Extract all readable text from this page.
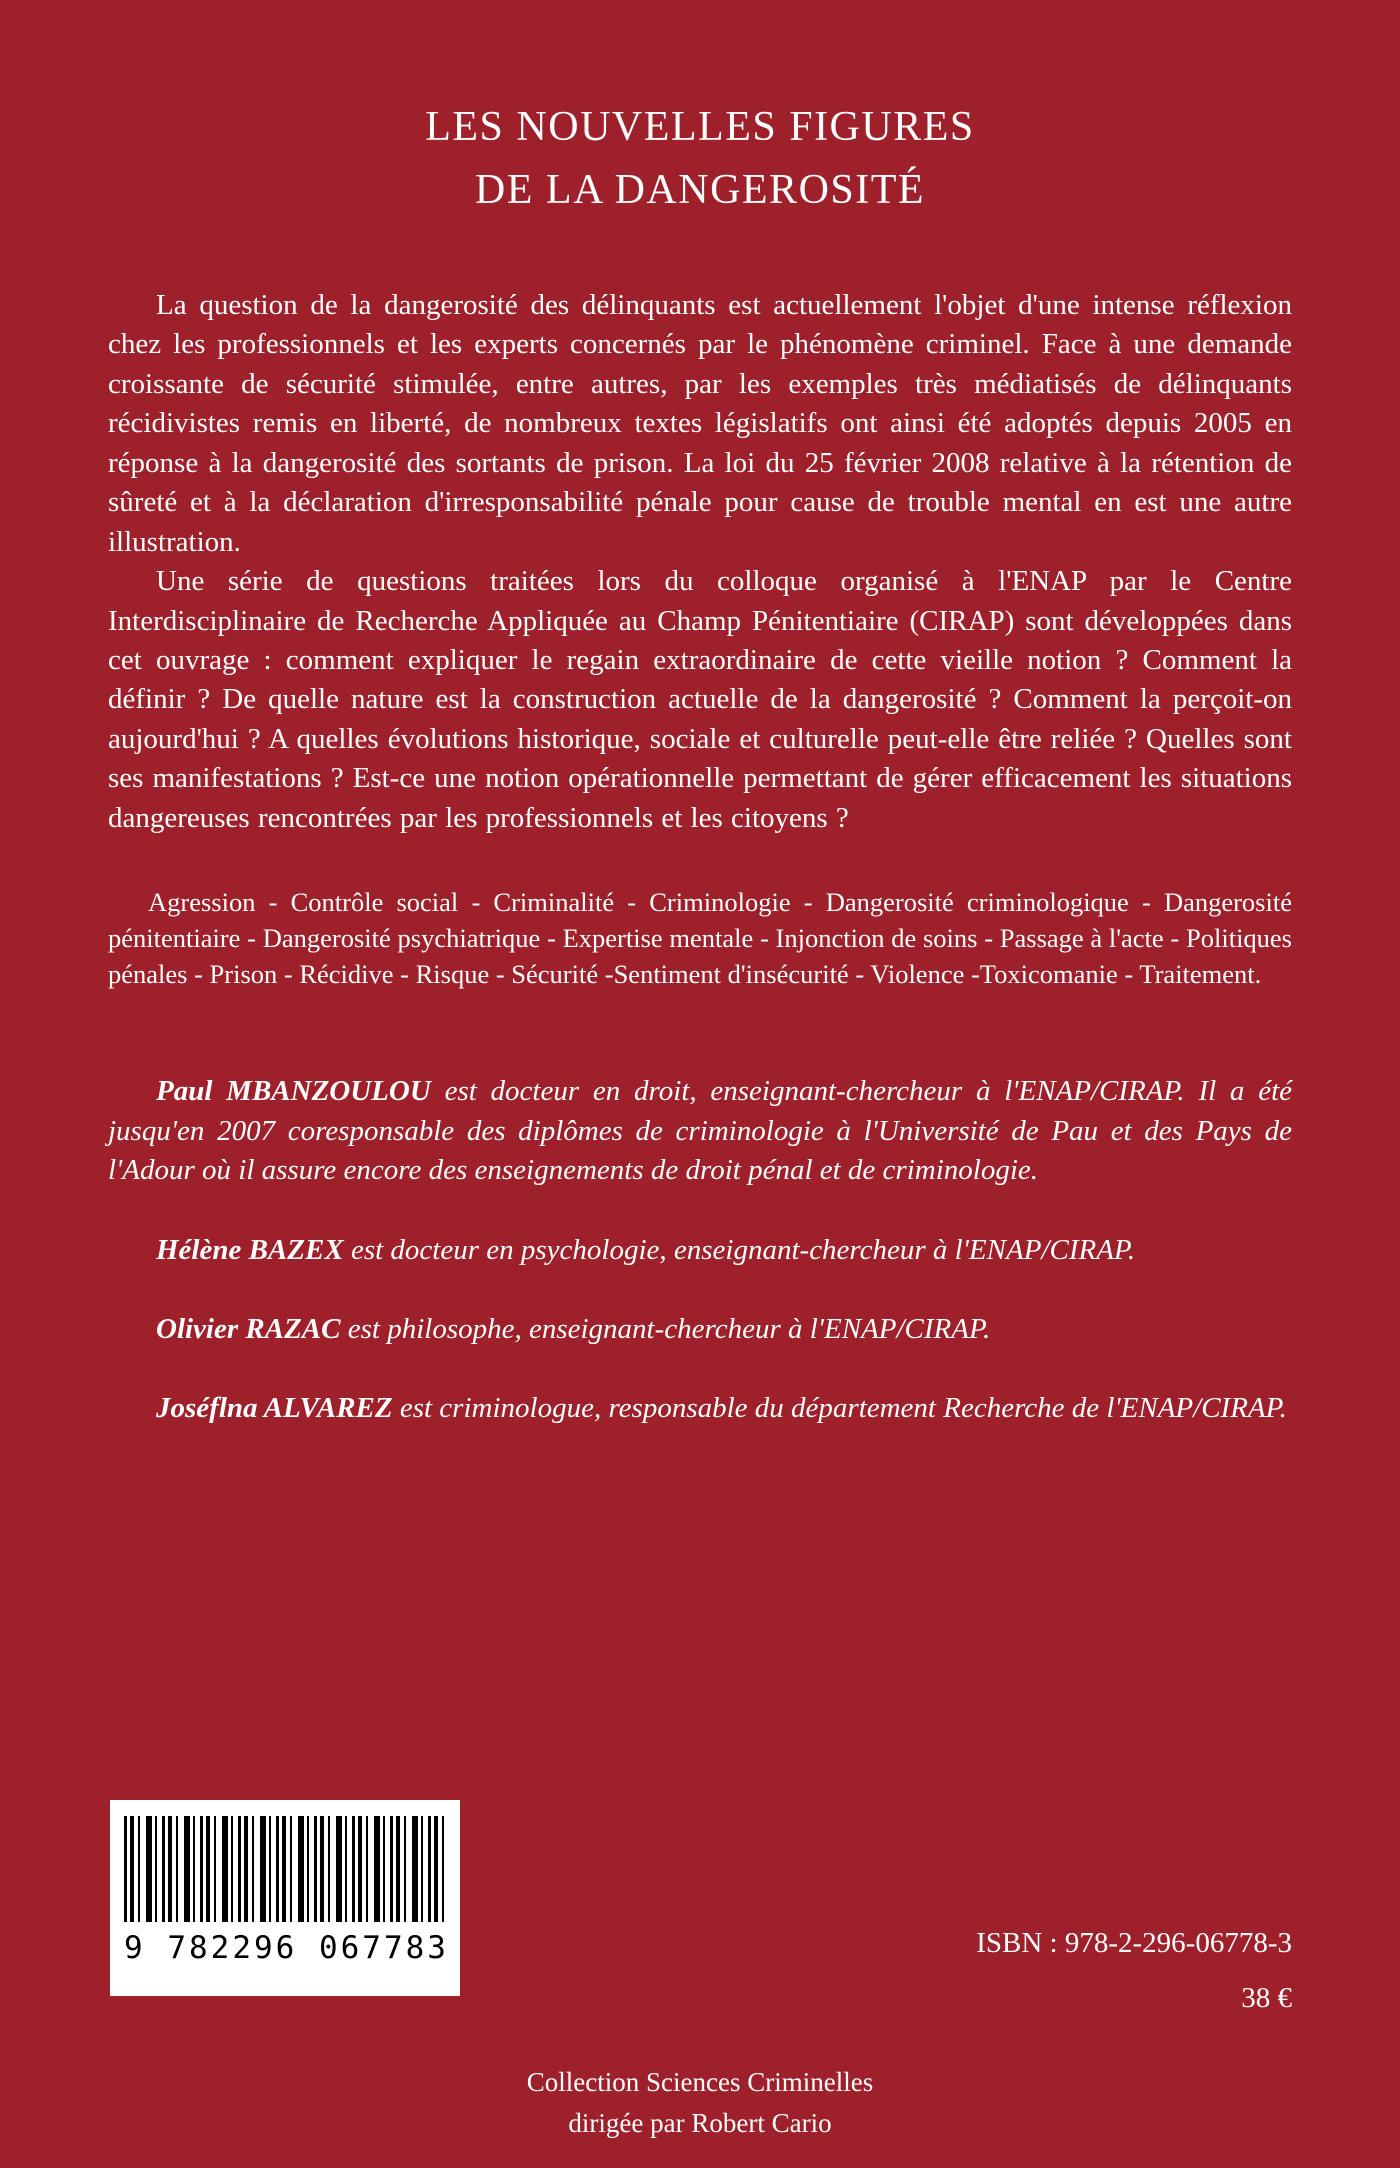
LES NOUVELLES FIGURES
DE LA DANGEROSITÉ

La question de la dangerosité des délinquants est actuellement l'objet d'une intense réflexion chez les professionnels et les experts concernés par le phénomène criminel. Face à une demande croissante de sécurité stimulée, entre autres, par les exemples très médiatisés de délinquants récidivistes remis en liberté, de nombreux textes législatifs ont ainsi été adoptés depuis 2005 en réponse à la dangerosité des sortants de prison. La loi du 25 février 2008 relative à la rétention de sûreté et à la déclaration d'irresponsabilité pénale pour cause de trouble mental en est une autre illustration.

Une série de questions traitées lors du colloque organisé à l'ENAP par le Centre Interdisciplinaire de Recherche Appliquée au Champ Pénitentiaire (CIRAP) sont développées dans cet ouvrage : comment expliquer le regain extraordinaire de cette vieille notion ? Comment la définir ? De quelle nature est la construction actuelle de la dangerosité ? Comment la perçoit-on aujourd'hui ? A quelles évolutions historique, sociale et culturelle peut-elle être reliée ? Quelles sont ses manifestations ? Est-ce une notion opérationnelle permettant de gérer efficacement les situations dangereuses rencontrées par les professionnels et les citoyens ?

Agression - Contrôle social - Criminalité - Criminologie - Dangerosité criminologique - Dangerosité pénitentiaire - Dangerosité psychiatrique - Expertise mentale - Injonction de soins - Passage à l'acte - Politiques pénales - Prison - Récidive - Risque - Sécurité -Sentiment d'insécurité - Violence -Toxicomanie - Traitement.

Paul MBANZOULOU est docteur en droit, enseignant-chercheur à l'ENAP/CIRAP. Il a été jusqu'en 2007 coresponsable des diplômes de criminologie à l'Université de Pau et des Pays de l'Adour où il assure encore des enseignements de droit pénal et de criminologie.

Hélène BAZEX est docteur en psychologie, enseignant-chercheur à l'ENAP/CIRAP.

Olivier RAZAC est philosophe, enseignant-chercheur à l'ENAP/CIRAP.

Joséflna ALVAREZ est criminologue, responsable du département Recherche de l'ENAP/CIRAP.

9 782296 067783	ISBN : 978-2-296-06778-3
38 €
Collection Sciences Criminelles
dirigée par Robert Cario
